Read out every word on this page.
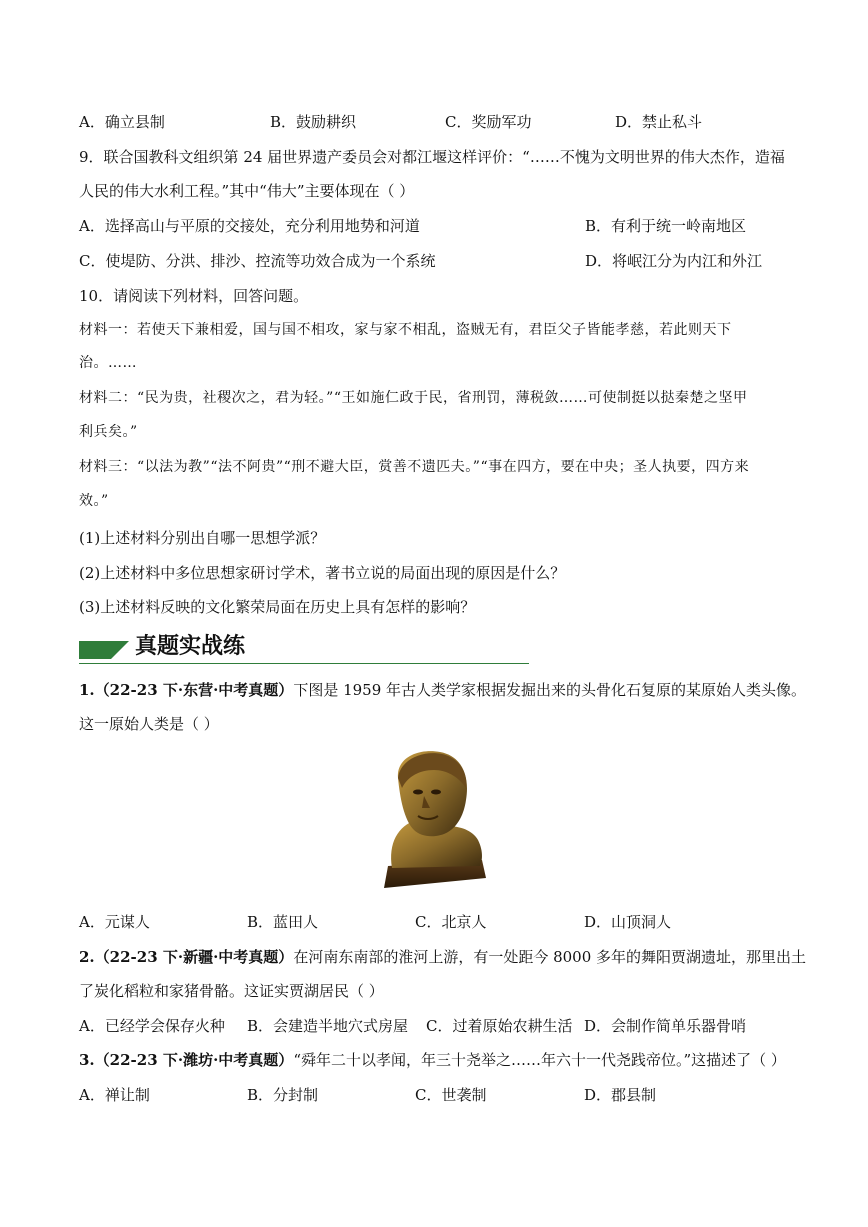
A．确立县制	B．鼓励耕织	C．奖励军功	D．禁止私斗
9．联合国教科文组织第 24 届世界遗产委员会对都江堰这样评价：“……不愧为文明世界的伟大杰作，造福
人民的伟大水利工程。”其中“伟大”主要体现在（ ）
A．选择高山与平原的交接处，充分利用地势和河道	B．有利于统一岭南地区
C．使堤防、分洪、排沙、控流等功效合成为一个系统	D．将岷江分为内江和外江
10．请阅读下列材料，回答问题。
材料一：若使天下兼相爱，国与国不相攻，家与家不相乱，盗贼无有，君臣父子皆能孝慈，若此则天下
治。……
材料二：“民为贵，社稷次之，君为轻。”“王如施仁政于民，省刑罚，薄税敛……可使制挺以挞秦楚之坚甲
利兵矣。”
材料三：“以法为教”“法不阿贵”“刑不避大臣，赏善不遗匹夫。”“事在四方，要在中央；圣人执要，四方来
效。”
(1)上述材料分别出自哪一思想学派？
(2)上述材料中多位思想家研讨学术，著书立说的局面出现的原因是什么？
(3)上述材料反映的文化繁荣局面在历史上具有怎样的影响？
真题实战练
1.（22-23 下·东营·中考真题）下图是 1959 年古人类学家根据发掘出来的头骨化石复原的某原始人类头像。
这一原始人类是（ ）
A．元谋人	B．蓝田人	C．北京人	D．山顶洞人
2.（22-23 下·新疆·中考真题）在河南东南部的淮河上游，有一处距今 8000 多年的舞阳贾湖遗址，那里出土
了炭化稻粒和家猪骨骼。这证实贾湖居民（ ）
A．已经学会保存火种 B．会建造半地穴式房屋 C．过着原始农耕生活 D．会制作简单乐器骨哨
3.（22-23 下·潍坊·中考真题）“舜年二十以孝闻，年三十尧举之……年六十一代尧践帝位。”这描述了（ ）
A．禅让制	B．分封制	C．世袭制	D．郡县制
